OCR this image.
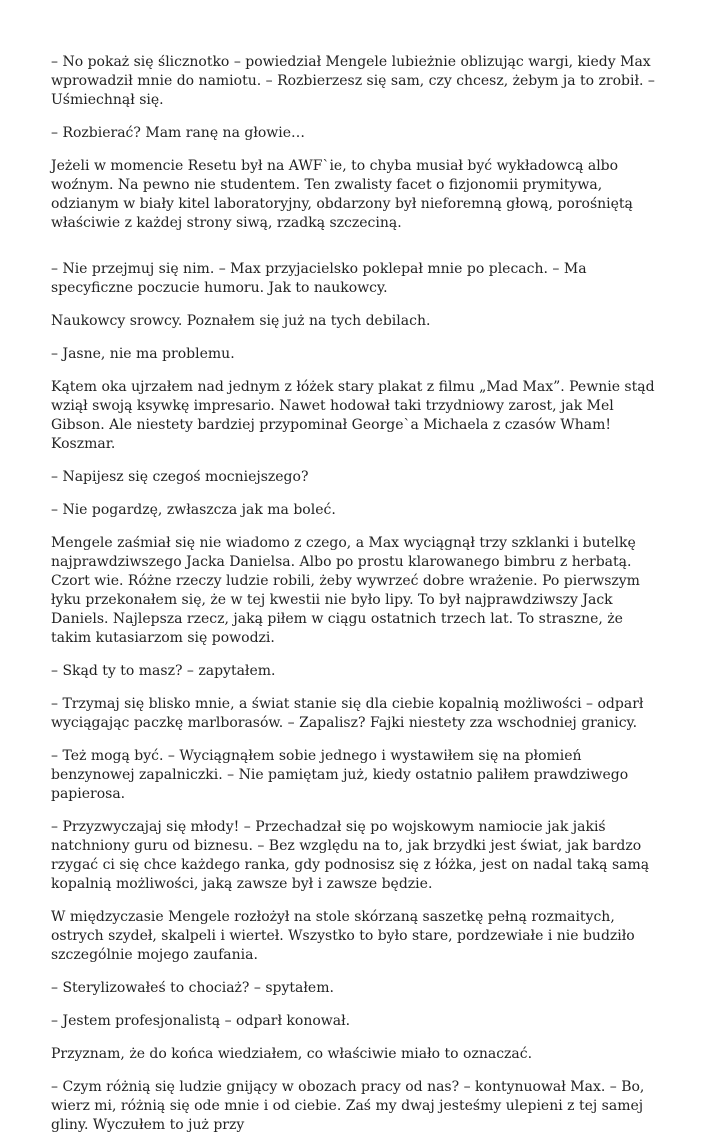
– No pokaż się ślicznotko – powiedział Mengele lubieżnie oblizując wargi, kiedy Max wprowadził mnie do namiotu. – Rozbierzesz się sam, czy chcesz, żebym ja to zrobił. – Uśmiechnął się.

– Rozbierać? Mam ranę na głowie…

Jeżeli w momencie Resetu był na AWF`ie, to chyba musiał być wykładowcą albo woźnym. Na pewno nie studentem. Ten zwalisty facet o fizjonomii prymitywa, odzianym w biały kitel laboratoryjny, obdarzony był nieforemną głową, porośniętą właściwie z każdej strony siwą, rzadką szczeciną.

– Nie przejmuj się nim. – Max przyjacielsko poklepał mnie po plecach. – Ma specyficzne poczucie humoru. Jak to naukowcy.

Naukowcy srowcy. Poznałem się już na tych debilach.

– Jasne, nie ma problemu.

Kątem oka ujrzałem nad jednym z łóżek stary plakat z filmu „Mad Max”. Pewnie stąd wziął swoją ksywkę impresario. Nawet hodował taki trzydniowy zarost, jak Mel Gibson. Ale niestety bardziej przypominał George`a Michaela z czasów Wham! Koszmar.

– Napijesz się czegoś mocniejszego?

– Nie pogardzę, zwłaszcza jak ma boleć.

Mengele zaśmiał się nie wiadomo z czego, a Max wyciągnął trzy szklanki i butelkę najprawdziwszego Jacka Danielsa. Albo po prostu klarowanego bimbru z herbatą. Czort wie. Różne rzeczy ludzie robili, żeby wywrzeć dobre wrażenie. Po pierwszym łyku przekonałem się, że w tej kwestii nie było lipy. To był najprawdziwszy Jack Daniels. Najlepsza rzecz, jaką piłem w ciągu ostatnich trzech lat. To straszne, że takim kutasiarzom się powodzi.

– Skąd ty to masz? – zapytałem.

– Trzymaj się blisko mnie, a świat stanie się dla ciebie kopalnią możliwości – odparł wyciągając paczkę marlborasów. – Zapalisz? Fajki niestety zza wschodniej granicy.

– Też mogą być. – Wyciągnąłem sobie jednego i wystawiłem się na płomień benzynowej zapalniczki. – Nie pamiętam już, kiedy ostatnio paliłem prawdziwego papierosa.

– Przyzwyczajaj się młody! – Przechadzał się po wojskowym namiocie jak jakiś natchniony guru od biznesu. – Bez względu na to, jak brzydki jest świat, jak bardzo rzygać ci się chce każdego ranka, gdy podnosisz się z łóżka, jest on nadal taką samą kopalnią możliwości, jaką zawsze był i zawsze będzie.

W międzyczasie Mengele rozłożył na stole skórzaną saszetkę pełną rozmaitych, ostrych szydeł, skalpeli i wierteł. Wszystko to było stare, pordzewiałe i nie budziło szczególnie mojego zaufania.

– Sterylizowałeś to chociaż? – spytałem.

– Jestem profesjonalistą – odparł konował.

Przyznam, że do końca wiedziałem, co właściwie miało to oznaczać.

– Czym różnią się ludzie gnijący w obozach pracy od nas? – kontynuował Max. – Bo, wierz mi, różnią się ode mnie i od ciebie. Zaś my dwaj jesteśmy ulepieni z tej samej gliny. Wyczułem to już przy
